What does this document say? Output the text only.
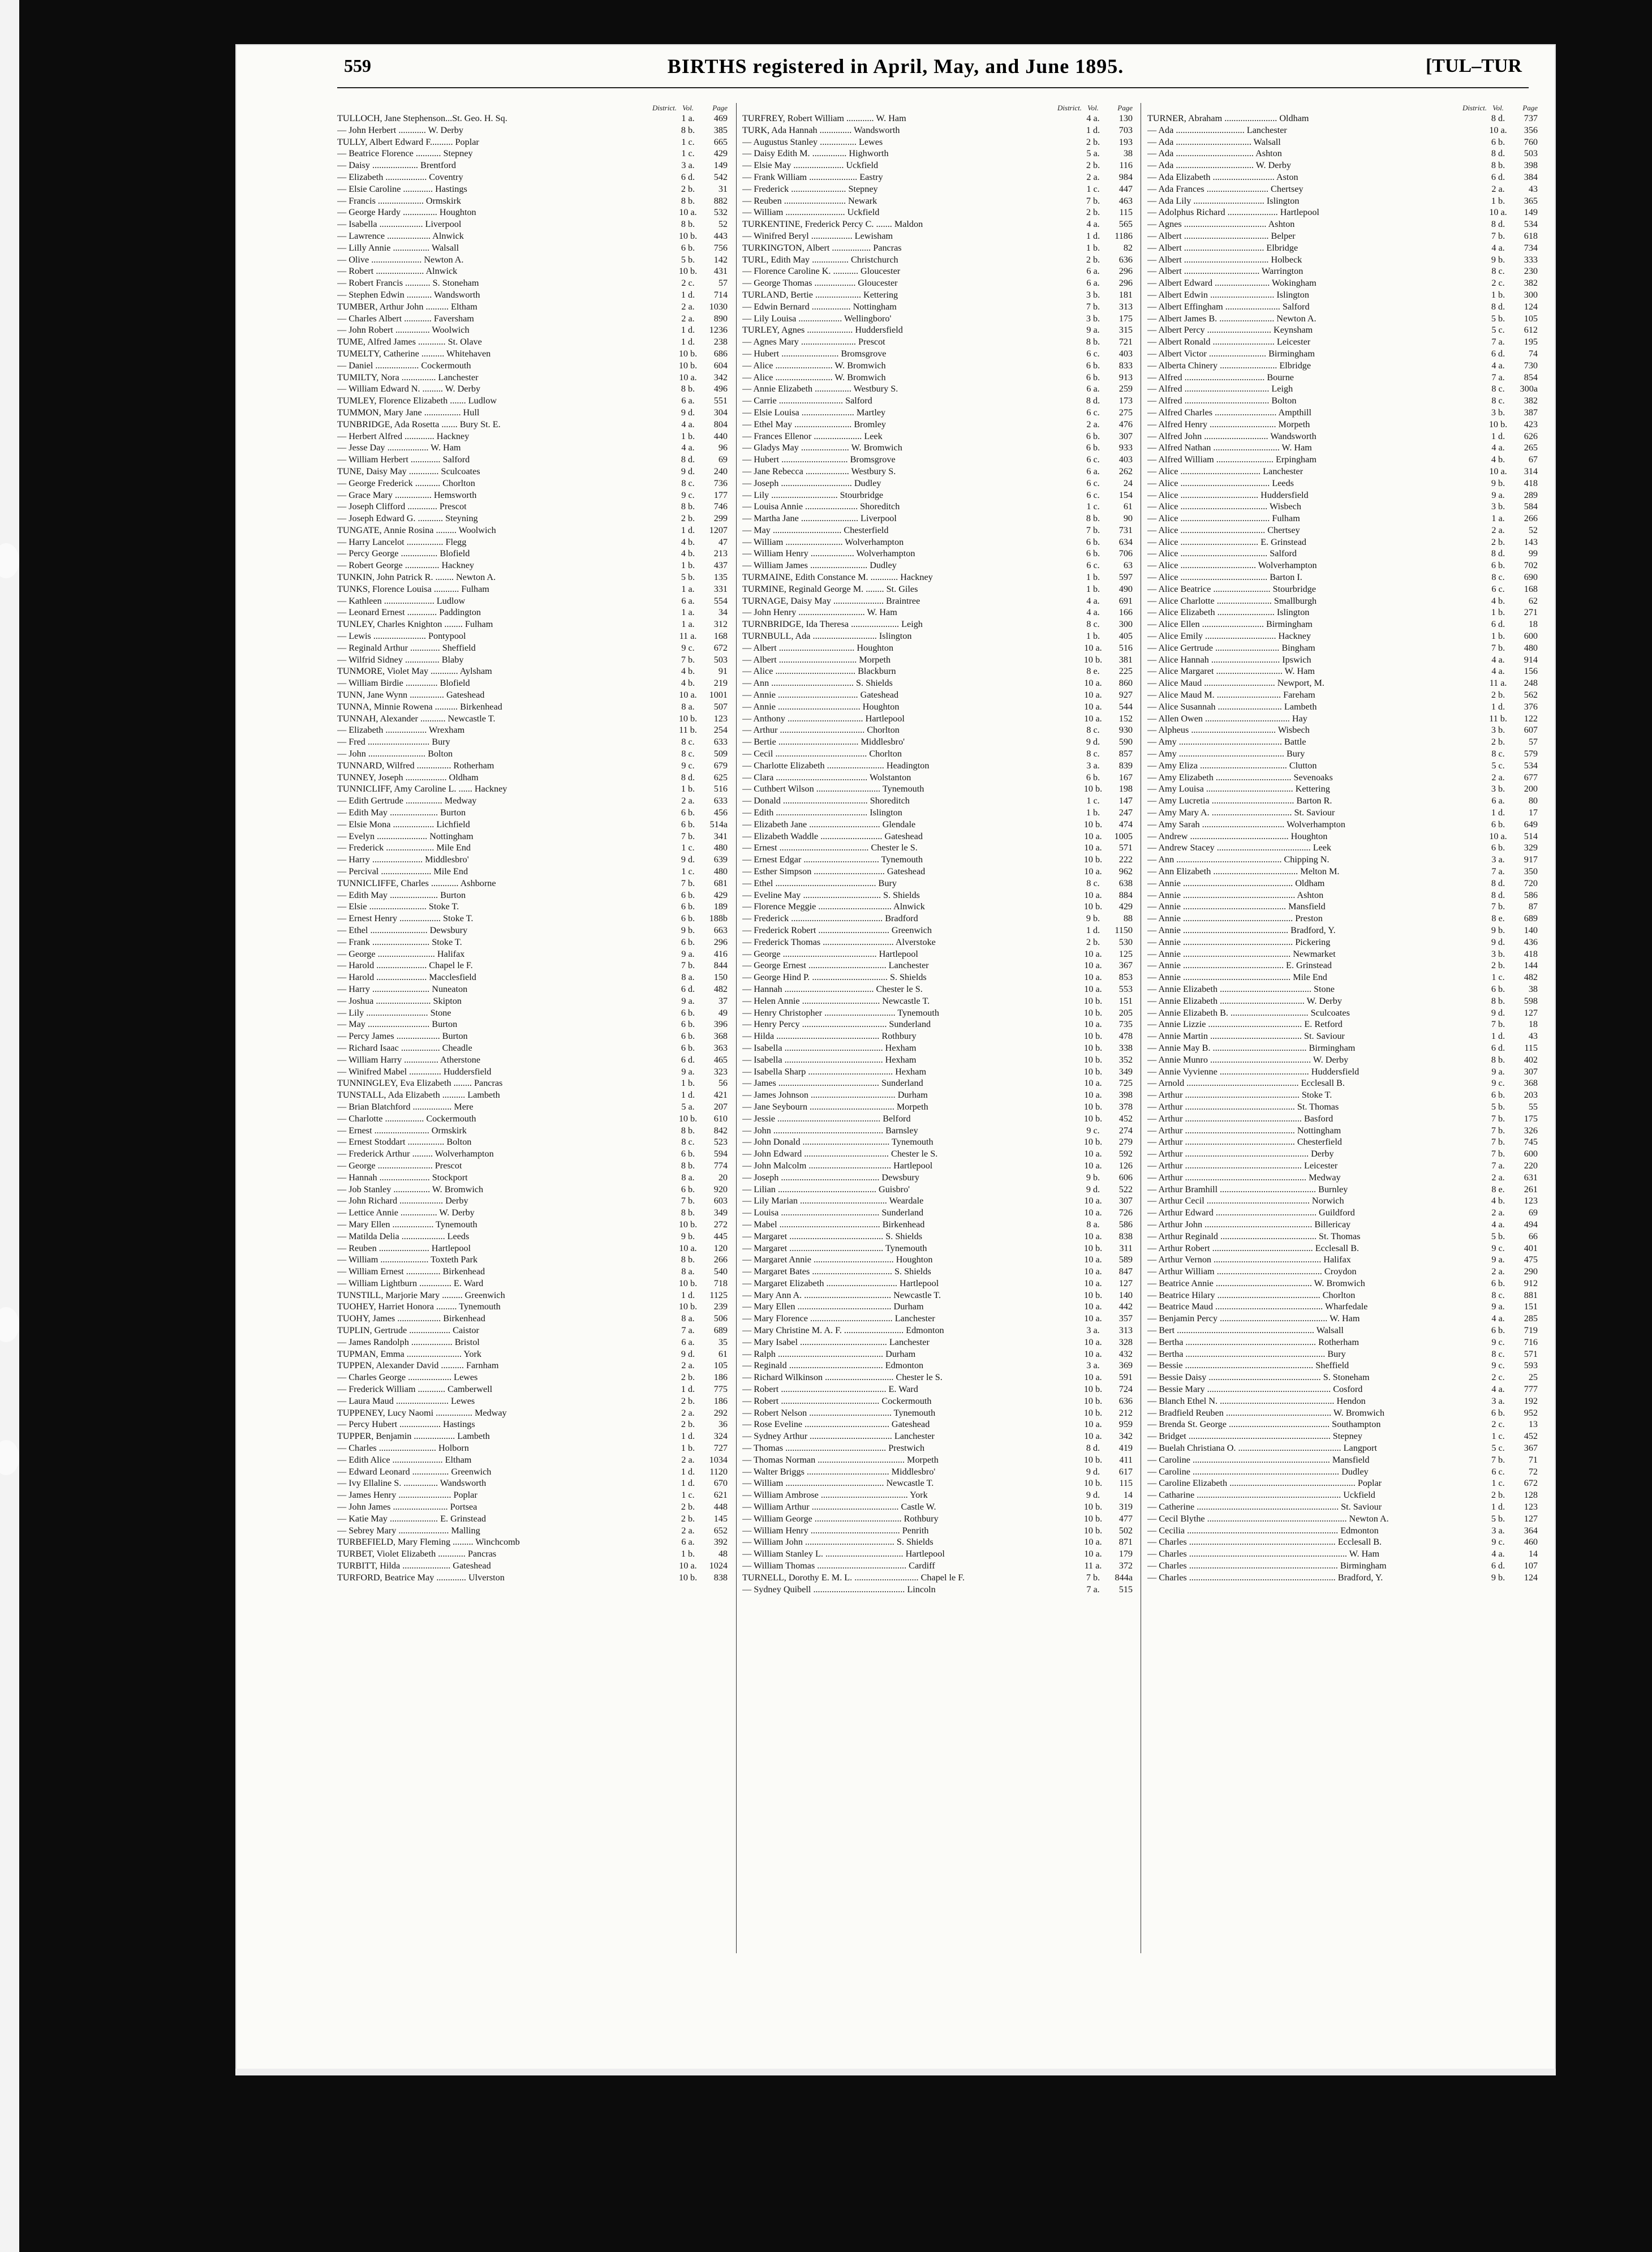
559	BIRTHS registered in April, May, and June 1895.	[TUL–TUR
District. Vol.	Page
TULLOCH, Jane Stephenson...St. Geo. H. Sq.	1 a.	469
— John Herbert ............ W. Derby	8 b.	385
TULLY, Albert Edward F.......... Poplar	1 c.	665
— Beatrice Florence ........... Stepney	1 c.	429
— Daisy .................... Brentford	3 a.	149
— Elizabeth .................. Coventry	6 d.	542
— Elsie Caroline ............. Hastings	2 b.	31
— Francis .................... Ormskirk	8 b.	882
— George Hardy ............... Houghton	10 a.	532
— Isabella ................... Liverpool	8 b.	52
— Lawrence ................... Alnwick	10 b.	443
— Lilly Annie ................ Walsall	6 b.	756
— Olive ...................... Newton A.	5 b.	142
— Robert ..................... Alnwick	10 b.	431
— Robert Francis ........... S. Stoneham	2 c.	57
— Stephen Edwin ........... Wandsworth	1 d.	714
TUMBER, Arthur John .......... Eltham	2 a.	1030
— Charles Albert ............ Faversham	2 a.	890
— John Robert ............... Woolwich	1 d.	1236
TUME, Alfred James ............ St. Olave	1 d.	238
TUMELTY, Catherine .......... Whitehaven	10 b.	686
— Daniel ................... Cockermouth	10 b.	604
TUMILTY, Nora ............... Lanchester	10 a.	342
— William Edward N. ......... W. Derby	8 b.	496
TUMLEY, Florence Elizabeth ....... Ludlow	6 a.	551
TUMMON, Mary Jane ................ Hull	9 d.	304
TUNBRIDGE, Ada Rosetta ....... Bury St. E.	4 a.	804
— Herbert Alfred ............. Hackney	1 b.	440
— Jesse Day .................. W. Ham	4 a.	96
— William Herbert ............. Salford	8 d.	69
TUNE, Daisy May ............. Sculcoates	9 d.	240
— George Frederick ........... Chorlton	8 c.	736
— Grace Mary ................ Hemsworth	9 c.	177
— Joseph Clifford ............. Prescot	8 b.	746
— Joseph Edward G. ........... Steyning	2 b.	299
TUNGATE, Annie Rosina ......... Woolwich	1 d.	1207
— Harry Lancelot ................ Flegg	4 b.	47
— Percy George ................ Blofield	4 b.	213
— Robert George ............... Hackney	1 b.	437
TUNKIN, John Patrick R. ........ Newton A.	5 b.	135
TUNKS, Florence Louisa ........... Fulham	1 a.	331
— Kathleen ...................... Ludlow	6 a.	554
— Leonard Ernest ............. Paddington	1 a.	34
TUNLEY, Charles Knighton ........ Fulham	1 a.	312
— Lewis ....................... Pontypool	11 a.	168
— Reginald Arthur ............. Sheffield	9 c.	672
— Wilfrid Sidney ............... Blaby	7 b.	503
TUNMORE, Violet May ............ Aylsham	4 b.	91
— William Birdie .............. Blofield	4 b.	219
TUNN, Jane Wynn ............... Gateshead	10 a.	1001
TUNNA, Minnie Rowena .......... Birkenhead	8 a.	507
TUNNAH, Alexander ........... Newcastle T.	10 b.	123
— Elizabeth .................. Wrexham	11 b.	254
— Fred ........................... Bury	8 c.	633
— John ......................... Bolton	8 c.	509
TUNNARD, Wilfred ............... Rotherham	9 c.	679
TUNNEY, Joseph .................. Oldham	8 d.	625
TUNNICLIFF, Amy Caroline L. ...... Hackney	1 b.	516
— Edith Gertrude ................ Medway	2 a.	633
— Edith May ..................... Burton	6 b.	456
— Elsie Mona .................. Lichfield	6 b.	514a
— Evelyn ...................... Nottingham	7 b.	341
— Frederick ..................... Mile End	1 c.	480
— Harry ...................... Middlesbro'	9 d.	639
— Percival ...................... Mile End	1 c.	480
TUNNICLIFFE, Charles ............ Ashborne	7 b.	681
— Edith May ..................... Burton	6 b.	429
— Elsie ......................... Stoke T.	6 b.	189
— Ernest Henry .................. Stoke T.	6 b.	188b
— Ethel ......................... Dewsbury	9 b.	663
— Frank ......................... Stoke T.	6 b.	296
— George ......................... Halifax	9 a.	416
— Harold ...................... Chapel le F.	7 b.	844
— Harold ...................... Macclesfield	8 a.	150
— Harry ......................... Nuneaton	6 d.	482
— Joshua ........................ Skipton	9 a.	37
— Lily ........................... Stone	6 b.	49
— May ........................... Burton	6 b.	396
— Percy James ................... Burton	6 b.	368
— Richard Isaac ................. Cheadle	6 b.	363
— William Harry ............... Atherstone	6 d.	465
— Winifred Mabel .............. Huddersfield	9 a.	323
TUNNINGLEY, Eva Elizabeth ........ Pancras	1 b.	56
TUNSTALL, Ada Elizabeth .......... Lambeth	1 d.	421
— Brian Blatchford ................. Mere	5 a.	207
— Charlotte ................. Cockermouth	10 b.	610
— Ernest ........................ Ormskirk	8 b.	842
— Ernest Stoddart ................ Bolton	8 c.	523
— Frederick Arthur ......... Wolverhampton	6 b.	594
— George ........................ Prescot	8 b.	774
— Hannah ...................... Stockport	8 a.	20
— Job Stanley ................ W. Bromwich	6 b.	920
— John Richard ................... Derby	7 b.	603
— Lettice Annie ................ W. Derby	8 b.	349
— Mary Ellen .................. Tynemouth	10 b.	272
— Matilda Delia ................... Leeds	9 b.	445
— Reuben ...................... Hartlepool	10 a.	120
— William ..................... Toxteth Park	8 b.	266
— William Ernest ............... Birkenhead	8 a.	540
— William Lightburn .............. E. Ward	10 b.	718
TUNSTILL, Marjorie Mary ......... Greenwich	1 d.	1125
TUOHEY, Harriet Honora ......... Tynemouth	10 b.	239
TUOHY, James ................... Birkenhead	8 a.	506
TUPLIN, Gertrude .................. Caistor	7 a.	689
— James Randolph .................. Bristol	6 a.	35
TUPMAN, Emma ........................ York	9 d.	61
TUPPEN, Alexander David .......... Farnham	2 a.	105
— Charles George ................... Lewes	2 b.	186
— Frederick William ............ Camberwell	1 d.	775
— Laura Maud ....................... Lewes	2 b.	186
TUPPENEY, Lucy Naomi ................ Medway	2 a.	292
— Percy Hubert .................. Hastings	2 b.	36
TUPPER, Benjamin .................. Lambeth	1 d.	324
— Charles ......................... Holborn	1 b.	727
— Edith Alice ...................... Eltham	2 a.	1034
— Edward Leonard ................ Greenwich	1 d.	1120
— Ivy Ellaline S. ............... Wandsworth	1 d.	670
— James Henry ....................... Poplar	1 c.	621
— John James ........................ Portsea	2 b.	448
— Katie May ..................... E. Grinstead	2 b.	145
— Sebrey Mary ...................... Malling	2 a.	652
TURBEFIELD, Mary Fleming ......... Winchcomb	6 a.	392
TURBET, Violet Elizabeth ............ Pancras	1 b.	48
TURBITT, Hilda ..................... Gateshead	10 a.	1024
TURFORD, Beatrice May ............. Ulverston	10 b.	838
District. Vol.	Page
TURFREY, Robert William ............ W. Ham	4 a.	130
TURK, Ada Hannah .............. Wandsworth	1 d.	703
— Augustus Stanley ................ Lewes	2 b.	193
— Daisy Edith M. ............... Highworth	5 a.	38
— Elsie May ...................... Uckfield	2 b.	116
— Frank William ..................... Eastry	2 a.	984
— Frederick ........................ Stepney	1 c.	447
— Reuben ........................... Newark	7 b.	463
— William .......................... Uckfield	2 b.	115
TURKENTINE, Frederick Percy C. ....... Maldon	4 a.	565
— Winifred Beryl .................. Lewisham	1 d.	1186
TURKINGTON, Albert ................. Pancras	1 b.	82
TURL, Edith May ................ Christchurch	2 b.	636
— Florence Caroline K. ........... Gloucester	6 a.	296
— George Thomas .................. Gloucester	6 a.	296
TURLAND, Bertie .................... Kettering	3 b.	181
— Edwin Bernard ................. Nottingham	7 b.	313
— Lily Louisa ................... Wellingboro'	3 b.	175
TURLEY, Agnes .................... Huddersfield	9 a.	315
— Agnes Mary ........................ Prescot	8 b.	721
— Hubert ......................... Bromsgrove	6 c.	403
— Alice ......................... W. Bromwich	6 b.	833
— Alice ......................... W. Bromwich	6 b.	913
— Annie Elizabeth ................ Westbury S.	6 a.	259
— Carrie ............................ Salford	8 d.	173
— Elsie Louisa ....................... Martley	6 c.	275
— Ethel May ......................... Bromley	2 a.	476
— Frances Ellenor ..................... Leek	6 b.	307
— Gladys May ..................... W. Bromwich	6 b.	933
— Hubert ............................. Bromsgrove	6 c.	403
— Jane Rebecca ................... Westbury S.	6 a.	262
— Joseph ............................... Dudley	6 c.	24
— Lily ............................. Stourbridge	6 c.	154
— Louisa Annie ....................... Shoreditch	1 c.	61
— Martha Jane ......................... Liverpool	8 b.	90
— May .............................. Chesterfield	7 b.	731
— William ......................... Wolverhampton	6 b.	634
— William Henry ................... Wolverhampton	6 b.	706
— William James ......................... Dudley	6 c.	63
TURMAINE, Edith Constance M. ............ Hackney	1 b.	597
TURMINE, Reginald George M. ........ St. Giles	1 b.	490
TURNAGE, Daisy May ...................... Braintree	4 a.	691
— John Henry ............................. W. Ham	4 a.	166
TURNBRIDGE, Ida Theresa ..................... Leigh	8 c.	300
TURNBULL, Ada ............................ Islington	1 b.	405
— Albert ................................. Houghton	10 a.	516
— Albert .................................. Morpeth	10 b.	381
— Alice ................................... Blackburn	8 e.	225
— Ann .................................... S. Shields	10 a.	860
— Annie ................................... Gateshead	10 a.	927
— Annie .................................... Houghton	10 a.	544
— Anthony ................................. Hartlepool	10 a.	152
— Arthur ..................................... Chorlton	8 c.	930
— Bertie ................................... Middlesbro'	9 d.	590
— Cecil ........................................ Chorlton	8 c.	857
— Charlotte Elizabeth ......................... Headington	3 a.	839
— Clara ........................................ Wolstanton	6 b.	167
— Cuthbert Wilson ............................ Tynemouth	10 b.	198
— Donald ..................................... Shoreditch	1 c.	147
— Edith ........................................ Islington	1 b.	247
— Elizabeth Jane ............................... Glendale	10 b.	474
— Elizabeth Waddle ........................... Gateshead	10 a.	1005
— Ernest ....................................... Chester le S.	10 a.	571
— Ernest Edgar ................................. Tynemouth	10 b.	222
— Esther Simpson ............................... Gateshead	10 a.	962
— Ethel ............................................ Bury	8 c.	638
— Eveline May .................................. S. Shields	10 a.	884
— Florence Meggie ................................ Alnwick	10 b.	429
— Frederick ........................................ Bradford	9 b.	88
— Frederick Robert ............................... Greenwich	1 d.	1150
— Frederick Thomas ............................... Alverstoke	2 b.	530
— George ......................................... Hartlepool	10 a.	125
— George Ernest .................................. Lanchester	10 a.	367
— George Hind P. ................................. S. Shields	10 a.	853
— Hannah ....................................... Chester le S.	10 a.	553
— Helen Annie .................................. Newcastle T.	10 b.	151
— Henry Christopher ............................... Tynemouth	10 b.	205
— Henry Percy ..................................... Sunderland	10 a.	735
— Hilda ............................................. Rothbury	10 b.	478
— Isabella ........................................... Hexham	10 b.	338
— Isabella ........................................... Hexham	10 b.	352
— Isabella Sharp ..................................... Hexham	10 b.	349
— James ............................................ Sunderland	10 a.	725
— James Johnson ..................................... Durham	10 a.	398
— Jane Seybourn ..................................... Morpeth	10 b.	378
— Jessie ............................................. Belford	10 b.	452
— John ................................................ Barnsley	9 c.	274
— John Donald ...................................... Tynemouth	10 b.	279
— John Edward ..................................... Chester le S.	10 a.	592
— John Malcolm .................................... Hartlepool	10 a.	126
— Joseph ........................................... Dewsbury	9 b.	606
— Lilian ........................................... Guisbro'	9 d.	522
— Lily Marian ...................................... Weardale	10 a.	307
— Louisa ........................................... Sunderland	10 a.	726
— Mabel ............................................ Birkenhead	8 a.	586
— Margaret ......................................... S. Shields	10 a.	838
— Margaret ......................................... Tynemouth	10 b.	311
— Margaret Annie ................................... Houghton	10 a.	589
— Margaret Bates ................................... S. Shields	10 a.	847
— Margaret Elizabeth ............................... Hartlepool	10 a.	127
— Mary Ann A. ...................................... Newcastle T.	10 b.	140
— Mary Ellen ......................................... Durham	10 a.	442
— Mary Florence .................................... Lanchester	10 a.	357
— Mary Christine M. A. F. .......................... Edmonton	3 a.	313
— Mary Isabel ...................................... Lanchester	10 a.	328
— Ralph .............................................. Durham	10 a.	432
— Reginald ......................................... Edmonton	3 a.	369
— Richard Wilkinson .............................. Chester le S.	10 a.	591
— Robert .............................................. E. Ward	10 b.	724
— Robert ........................................... Cockermouth	10 b.	636
— Robert Nelson .................................... Tynemouth	10 b.	212
— Rose Eveline ..................................... Gateshead	10 a.	959
— Sydney Arthur .................................... Lanchester	10 a.	342
— Thomas ............................................ Prestwich	8 d.	419
— Thomas Norman ...................................... Morpeth	10 b.	411
— Walter Briggs .................................... Middlesbro'	9 d.	617
— William ........................................... Newcastle T.	10 b.	115
— William Ambrose ...................................... York	9 d.	14
— William Arthur ...................................... Castle W.	10 b.	319
— William George ...................................... Rothbury	10 b.	477
— William Henry ....................................... Penrith	10 b.	502
— William John ....................................... S. Shields	10 a.	871
— William Stanley L. .................................. Hartlepool	10 a.	179
— William Thomas ....................................... Cardiff	11 a.	372
TURNELL, Dorothy E. M. L. ............................ Chapel le F.	7 b.	844a
— Sydney Quibell ........................................ Lincoln	7 a.	515
District. Vol.	Page
TURNER, Abraham ....................... Oldham	8 d.	737
— Ada .............................. Lanchester	10 a.	356
— Ada ................................. Walsall	6 b.	760
— Ada .................................. Ashton	8 d.	503
— Ada .................................. W. Derby	8 b.	398
— Ada Elizabeth ........................... Aston	6 d.	384
— Ada Frances ........................... Chertsey	2 a.	43
— Ada Lily ............................... Islington	1 b.	365
— Adolphus Richard ...................... Hartlepool	10 a.	149
— Agnes .................................... Ashton	8 d.	534
— Albert ..................................... Belper	7 b.	618
— Albert ................................... Elbridge	4 a.	734
— Albert ..................................... Holbeck	9 b.	333
— Albert ................................. Warrington	8 c.	230
— Albert Edward ........................ Wokingham	2 c.	382
— Albert Edwin ............................ Islington	1 b.	300
— Albert Effingham ........................ Salford	8 d.	124
— Albert James B. ........................ Newton A.	5 b.	105
— Albert Percy ............................ Keynsham	5 c.	612
— Albert Ronald ........................... Leicester	7 a.	195
— Albert Victor ......................... Birmingham	6 d.	74
— Alberta Chinery ......................... Elbridge	4 a.	730
— Alfred ................................... Bourne	7 a.	854
— Alfred ..................................... Leigh	8 c.	300a
— Alfred ..................................... Bolton	8 c.	382
— Alfred Charles ........................... Ampthill	3 b.	387
— Alfred Henry ............................. Morpeth	10 b.	423
— Alfred John ............................ Wandsworth	1 d.	626
— Alfred Nathan ............................. W. Ham	4 a.	265
— Alfred William ......................... Erpingham	4 b.	67
— Alice ................................... Lanchester	10 a.	314
— Alice ....................................... Leeds	9 b.	418
— Alice .................................. Huddersfield	9 a.	289
— Alice ...................................... Wisbech	3 b.	584
— Alice ....................................... Fulham	1 a.	266
— Alice ..................................... Chertsey	2 a.	52
— Alice .................................. E. Grinstead	2 b.	143
— Alice ...................................... Salford	8 d.	99
— Alice ................................. Wolverhampton	6 b.	702
— Alice ...................................... Barton I.	8 c.	690
— Alice Beatrice ......................... Stourbridge	6 c.	168
— Alice Charlotte ........................ Smallburgh	4 b.	62
— Alice Elizabeth ......................... Islington	1 b.	271
— Alice Ellen ........................... Birmingham	6 d.	18
— Alice Emily ............................... Hackney	1 b.	600
— Alice Gertrude ............................ Bingham	7 b.	480
— Alice Hannah .............................. Ipswich	4 a.	914
— Alice Margaret ............................. W. Ham	4 a.	156
— Alice Maud ............................... Newport, M.	11 a.	248
— Alice Maud M. ............................ Fareham	2 b.	562
— Alice Susannah ............................ Lambeth	1 d.	376
— Allen Owen ..................................... Hay	11 b.	122
— Alpheus ..................................... Wisbech	3 b.	607
— Amy ............................................. Battle	2 b.	57
— Amy .............................................. Bury	8 c.	579
— Amy Eliza ...................................... Clutton	5 c.	534
— Amy Elizabeth ................................. Sevenoaks	2 a.	677
— Amy Louisa ...................................... Kettering	3 b.	200
— Amy Lucretia .................................... Barton R.	6 a.	80
— Amy Mary A. ................................... St. Saviour	1 d.	17
— Amy Sarah .................................... Wolverhampton	6 b.	649
— Andrew ........................................... Houghton	10 a.	514
— Andrew Stacey ......................................... Leek	6 b.	329
— Ann .............................................. Chipping N.	3 a.	917
— Ann Elizabeth ..................................... Melton M.	7 a.	350
— Annie ................................................ Oldham	8 d.	720
— Annie ................................................. Ashton	8 d.	586
— Annie ............................................. Mansfield	7 b.	87
— Annie ................................................ Preston	8 e.	689
— Annie .............................................. Bradford, Y.	9 b.	140
— Annie ................................................ Pickering	9 d.	436
— Annie ............................................... Newmarket	3 b.	418
— Annie ............................................ E. Grinstead	2 b.	144
— Annie ............................................... Mile End	1 c.	482
— Annie Elizabeth ........................................ Stone	6 b.	38
— Annie Elizabeth ..................................... W. Derby	8 b.	598
— Annie Elizabeth B. .................................. Sculcoates	9 d.	127
— Annie Lizzie ......................................... E. Retford	7 b.	18
— Annie Martin ........................................ St. Saviour	1 d.	43
— Annie May B. ......................................... Birmingham	6 d.	115
— Annie Munro ............................................ W. Derby	8 b.	402
— Annie Vyvienne ....................................... Huddersfield	9 a.	307
— Arnold ................................................. Ecclesall B.	9 c.	368
— Arthur .................................................. Stoke T.	6 b.	203
— Arthur ................................................ St. Thomas	5 b.	55
— Arthur ................................................... Basford	7 b.	175
— Arthur ................................................ Nottingham	7 b.	326
— Arthur ................................................ Chesterfield	7 b.	745
— Arthur ...................................................... Derby	7 b.	600
— Arthur ................................................... Leicester	7 a.	220
— Arthur ..................................................... Medway	2 a.	631
— Arthur Bramhill .......................................... Burnley	8 e.	261
— Arthur Cecil ............................................. Norwich	4 b.	123
— Arthur Edward ............................................ Guildford	2 a.	69
— Arthur John ............................................... Billericay	4 a.	494
— Arthur Reginald .......................................... St. Thomas	5 b.	66
— Arthur Robert ............................................ Ecclesall B.	9 c.	401
— Arthur Vernon ............................................... Halifax	9 a.	475
— Arthur William .............................................. Croydon	2 a.	290
— Beatrice Annie .......................................... W. Bromwich	6 b.	912
— Beatrice Hilary ............................................. Chorlton	8 c.	881
— Beatrice Maud ............................................... Wharfedale	9 a.	151
— Benjamin Percy ............................................... W. Ham	4 a.	285
— Bert ............................................................ Walsall	6 b.	719
— Bertha ......................................................... Rotherham	9 c.	716
— Bertha ............................................................. Bury	8 c.	571
— Bessie ........................................................ Sheffield	9 c.	593
— Bessie Daisy ................................................. S. Stoneham	2 c.	25
— Bessie Mary ...................................................... Cosford	4 a.	777
— Blanch Ethel N. .................................................. Hendon	3 a.	192
— Bradfield Reuben .............................................. W. Bromwich	6 b.	952
— Brenda St. George ............................................ Southampton	2 c.	13
— Bridget .............................................................. Stepney	1 c.	452
— Buelah Christiana O. ............................................. Langport	5 c.	367
— Caroline ............................................................ Mansfield	7 b.	71
— Caroline ................................................................ Dudley	6 c.	72
— Caroline Elizabeth ....................................................... Poplar	1 c.	672
— Catharine ............................................................... Uckfield	2 b.	128
— Catherine .............................................................. St. Saviour	1 d.	123
— Cecil Blythe ............................................................. Newton A.	5 b.	127
— Cecilia .................................................................. Edmonton	3 a.	364
— Charles ................................................................ Ecclesall B.	9 c.	460
— Charles ..................................................................... W. Ham	4 a.	14
— Charles ................................................................. Birmingham	6 d.	107
— Charles ................................................................ Bradford, Y.	9 b.	124
